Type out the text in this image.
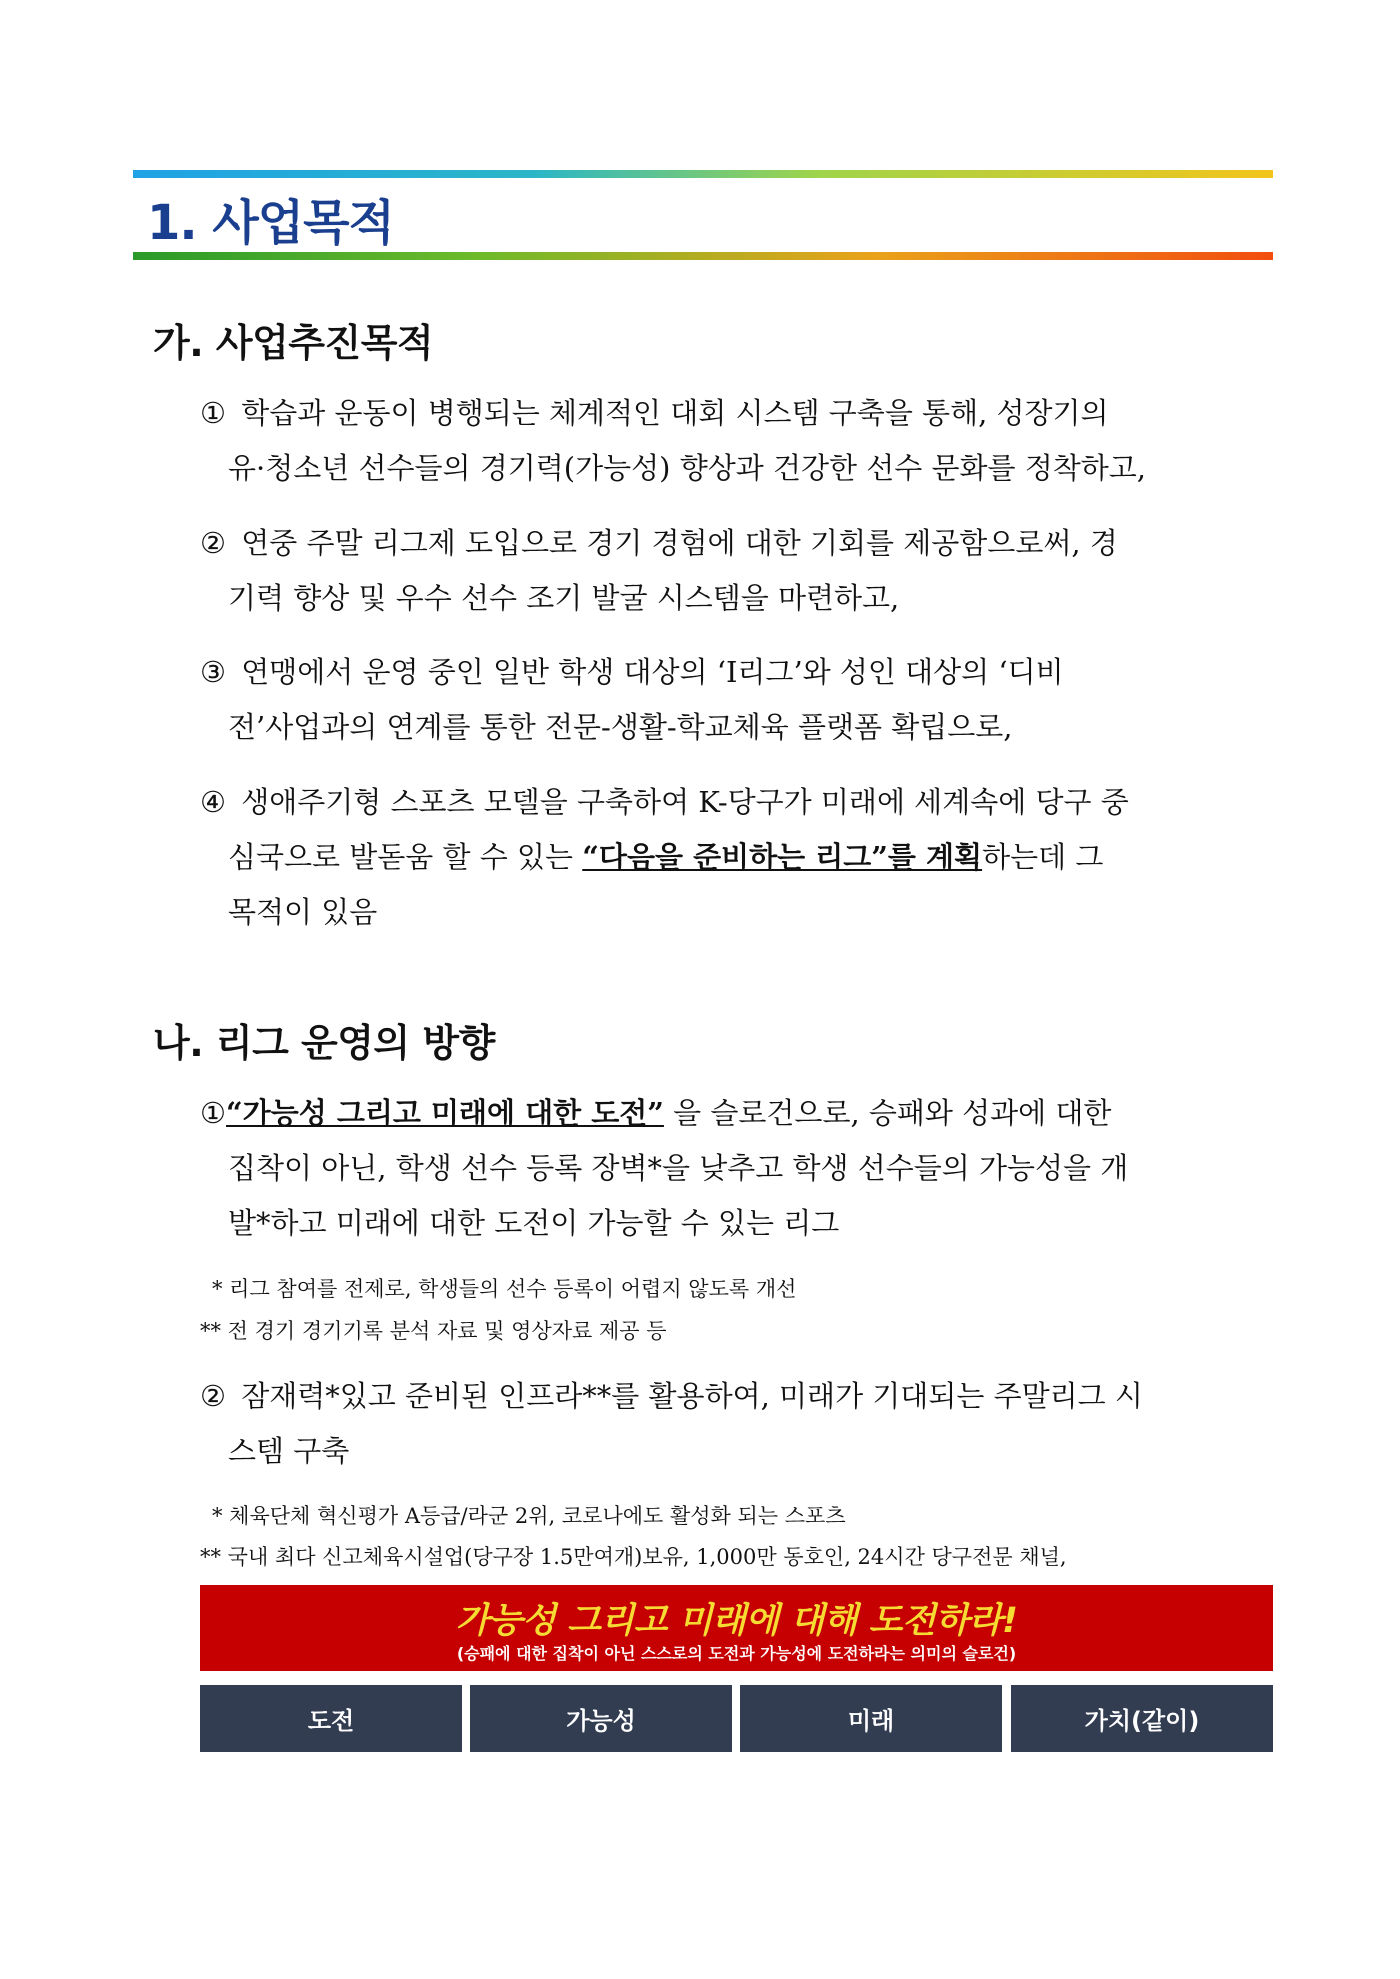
1. 사업목적
가. 사업추진목적
① 학습과 운동이 병행되는 체계적인 대회 시스템 구축을 통해, 성장기의
유·청소년 선수들의 경기력(가능성) 향상과 건강한 선수 문화를 정착하고,
② 연중 주말 리그제 도입으로 경기 경험에 대한 기회를 제공함으로써, 경
기력 향상 및 우수 선수 조기 발굴 시스템을 마련하고,
③ 연맹에서 운영 중인 일반 학생 대상의 ‘I리그’와 성인 대상의 ‘디비
전’사업과의 연계를 통한 전문-생활-학교체육 플랫폼 확립으로,
④ 생애주기형 스포츠 모델을 구축하여 K-당구가 미래에 세계속에 당구 중
심국으로 발돋움 할 수 있는 “다음을 준비하는 리그”를 계획하는데 그
목적이 있음
나. 리그 운영의 방향
①“가능성 그리고 미래에 대한 도전” 을 슬로건으로, 승패와 성과에 대한
집착이 아닌, 학생 선수 등록 장벽*을 낮추고 학생 선수들의 가능성을 개
발*하고 미래에 대한 도전이 가능할 수 있는 리그
* 리그 참여를 전제로, 학생들의 선수 등록이 어렵지 않도록 개선
** 전 경기 경기기록 분석 자료 및 영상자료 제공 등
② 잠재력*있고 준비된 인프라**를 활용하여, 미래가 기대되는 주말리그 시
스템 구축
* 체육단체 혁신평가 A등급/라군 2위, 코로나에도 활성화 되는 스포츠
** 국내 최다 신고체육시설업(당구장 1.5만여개)보유, 1,000만 동호인, 24시간 당구전문 채널,
가능성 그리고 미래에 대해 도전하라!
(승패에 대한 집착이 아닌 스스로의 도전과 가능성에 도전하라는 의미의 슬로건)
도전	가능성	미래	가치(같이)
